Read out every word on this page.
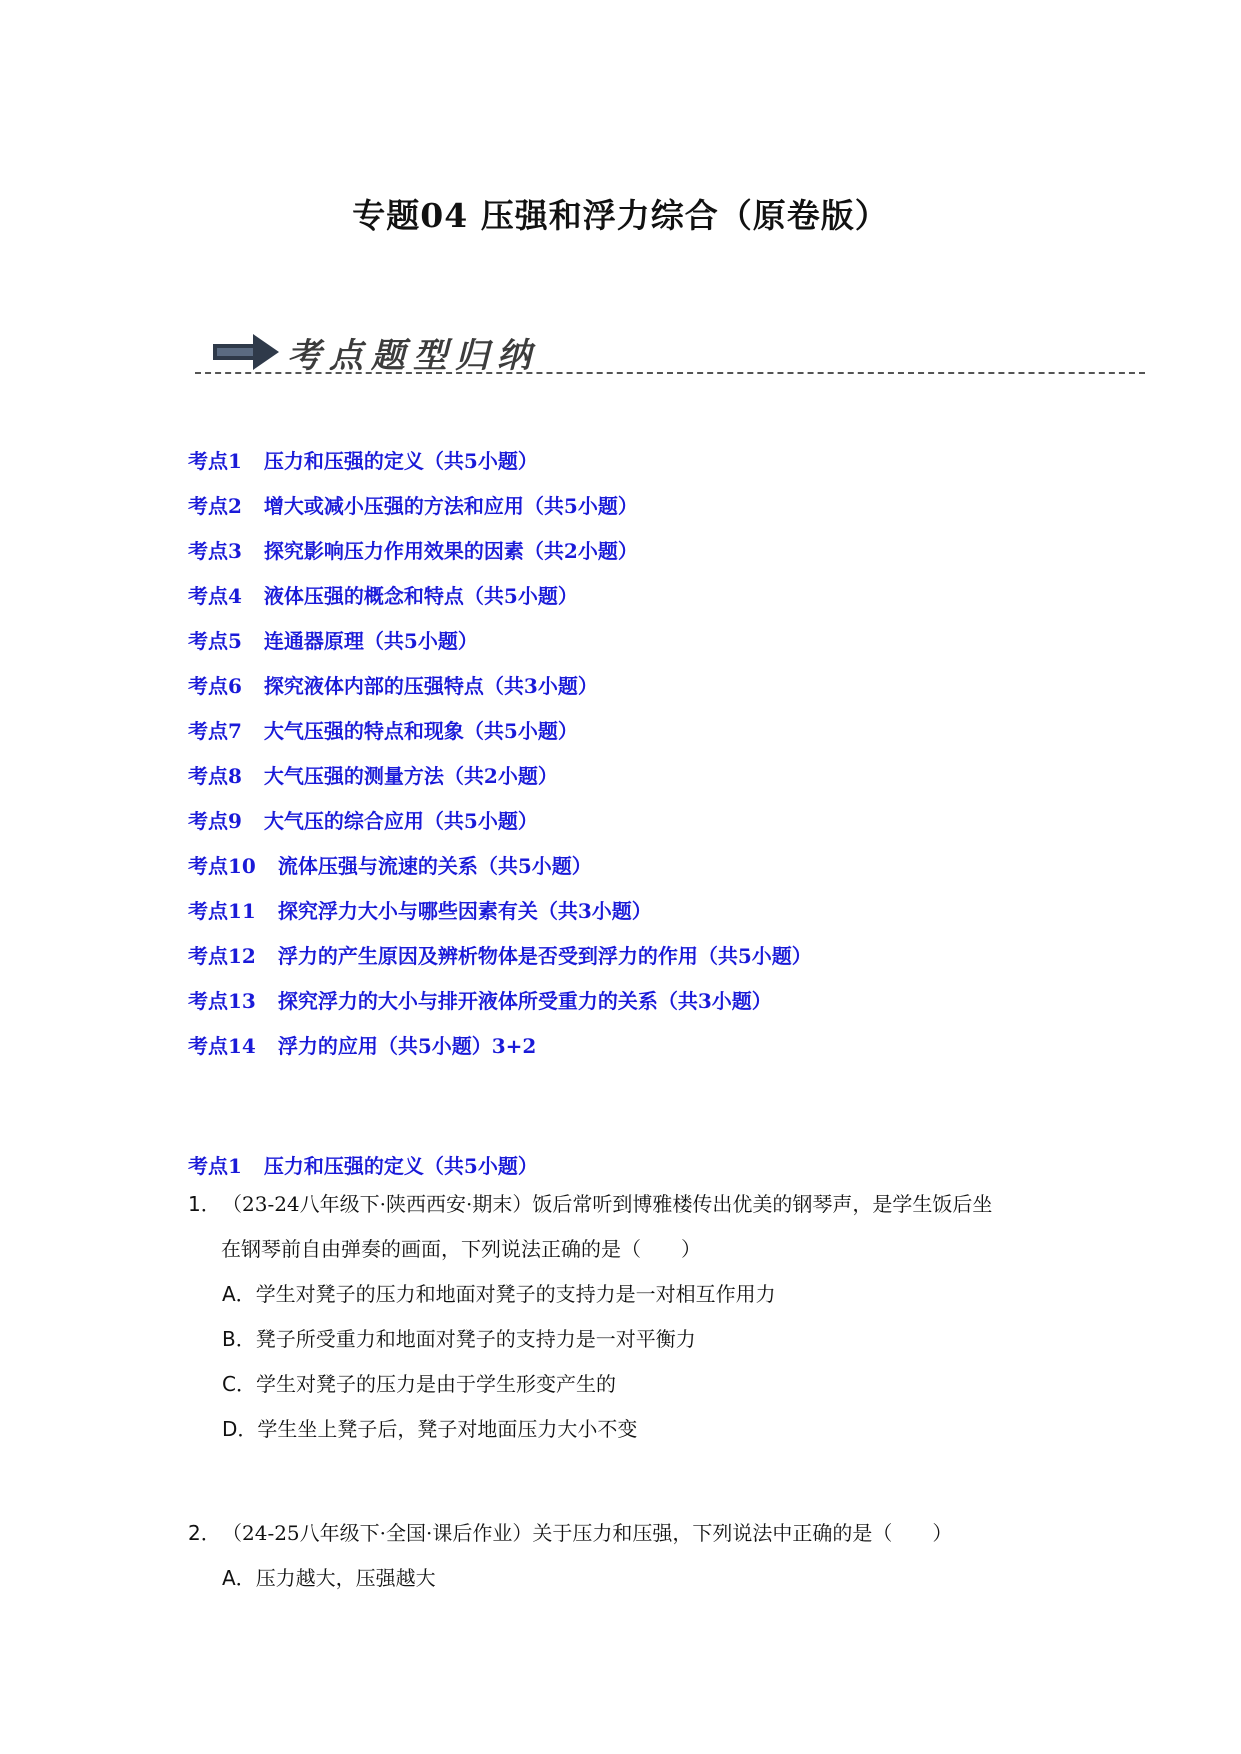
专题04 压强和浮力综合（原卷版）
考点题型归纳
考点1 压力和压强的定义（共5小题）
考点2 增大或减小压强的方法和应用（共5小题）
考点3 探究影响压力作用效果的因素（共2小题）
考点4 液体压强的概念和特点（共5小题）
考点5 连通器原理（共5小题）
考点6 探究液体内部的压强特点（共3小题）
考点7 大气压强的特点和现象（共5小题）
考点8 大气压强的测量方法（共2小题）
考点9 大气压的综合应用（共5小题）
考点10 流体压强与流速的关系（共5小题）
考点11 探究浮力大小与哪些因素有关（共3小题）
考点12 浮力的产生原因及辨析物体是否受到浮力的作用（共5小题）
考点13 探究浮力的大小与排开液体所受重力的关系（共3小题）
考点14 浮力的应用（共5小题）3+2
考点1 压力和压强的定义（共5小题）
1．（23-24八年级下·陕西西安·期末）饭后常听到博雅楼传出优美的钢琴声，是学生饭后坐
在钢琴前自由弹奏的画面，下列说法正确的是（　　）
A．学生对凳子的压力和地面对凳子的支持力是一对相互作用力
B．凳子所受重力和地面对凳子的支持力是一对平衡力
C．学生对凳子的压力是由于学生形变产生的
D．学生坐上凳子后，凳子对地面压力大小不变
2．（24-25八年级下·全国·课后作业）关于压力和压强，下列说法中正确的是（　　）
A．压力越大，压强越大
